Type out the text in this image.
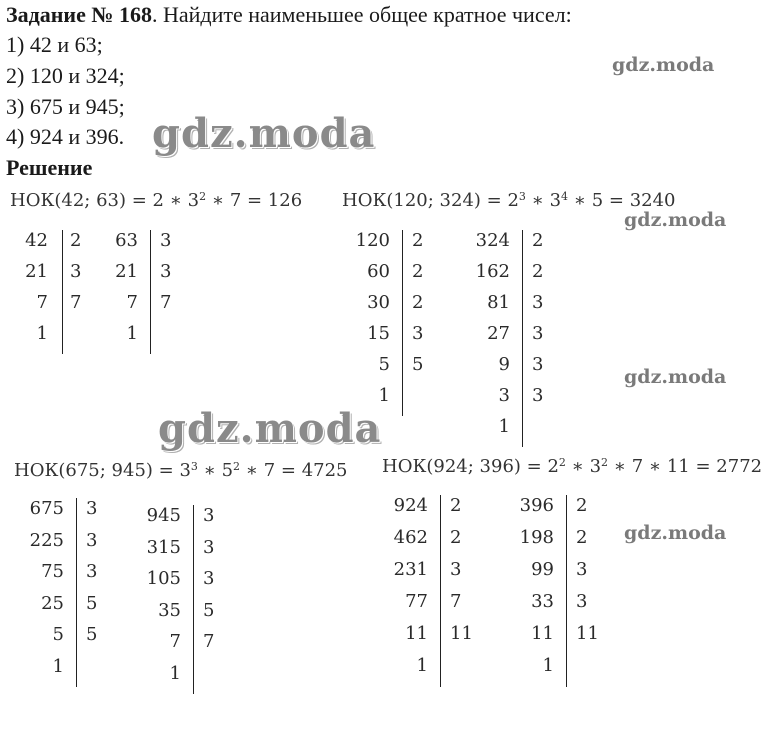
Задание № 168. Найдите наименьшее общее кратное чисел:
1) 42 и 63;
2) 120 и 324;
3) 675 и 945;
4) 924 и 396.
Решение
gdz.moda
gdz.moda
gdz.moda
gdz.moda
gdz.moda
gdz.moda
НОК(42; 63) = 2 ∗ $3^2$ ∗ 7 = 126
42
21
7
1
2
3
7
63
21
7
1
3
3
7
НОК(120; $324) = 2^3$ ∗ $3^4$ ∗ 5 = 3240
120
60
30
15
5
1
2
2
2
3
5
324
162
81
27
9
3
1
2
2
3
3
3
3
НОК(675; $945) = 3^3$ ∗ $5^2$ ∗ 7 = 4725
675
225
75
25
5
1
3
3
3
5
5
945
315
105
35
7
1
3
3
3
5
7
НОК(924; $396) = 2^2$ ∗ $3^2$ ∗ 7 ∗ 11 = 2772
924
462
231
77
11
1
2
2
3
7
11
396
198
99
33
11
1
2
2
3
3
11
